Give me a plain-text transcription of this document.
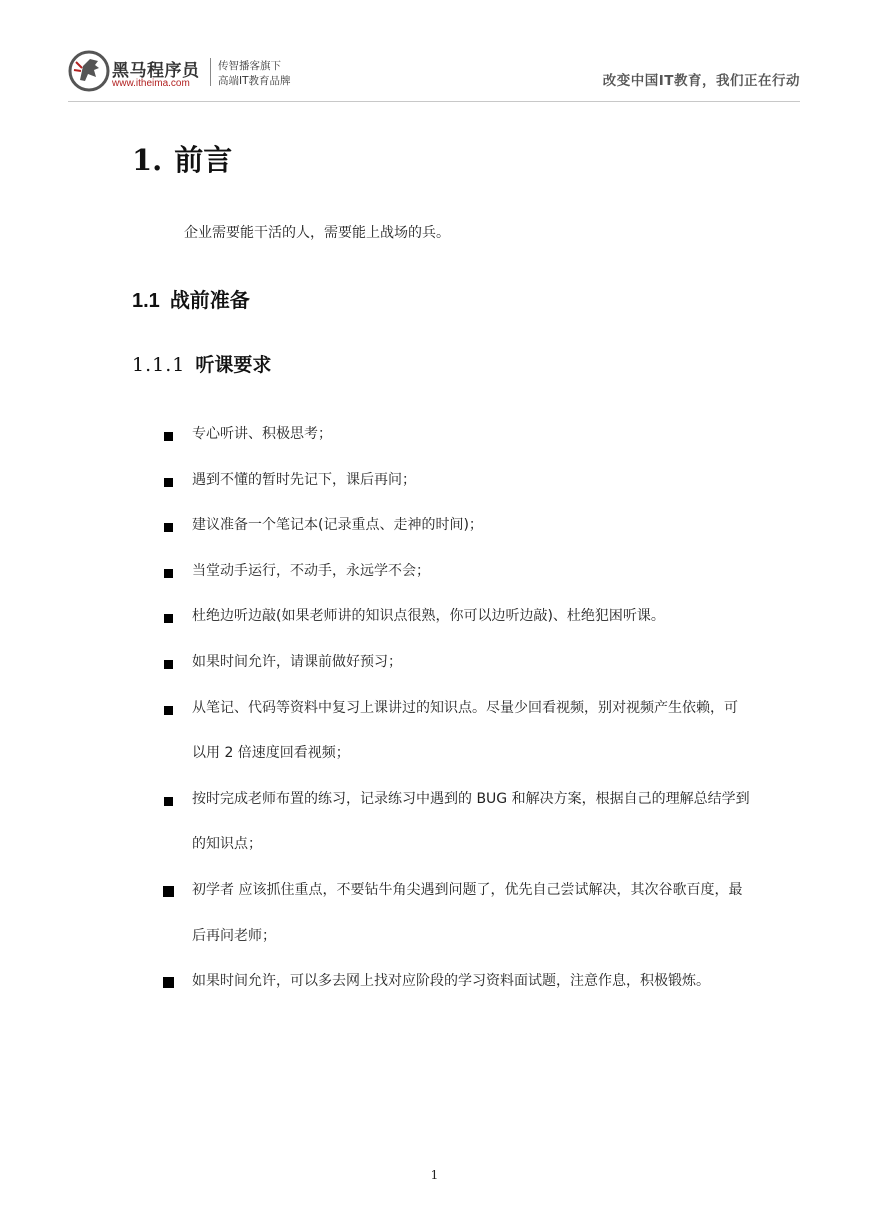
黑马程序员
www.itheima.com
传智播客旗下
高端IT教育品牌	改变中国IT教育，我们正在行动
1. 前言
企业需要能干活的人，需要能上战场的兵。
1.1 战前准备
1.1.1 听课要求
专心听讲、积极思考；
遇到不懂的暂时先记下，课后再问；
建议准备一个笔记本(记录重点、走神的时间)；
当堂动手运行，不动手，永远学不会；
杜绝边听边敲(如果老师讲的知识点很熟，你可以边听边敲)、杜绝犯困听课。
如果时间允许，请课前做好预习；
从笔记、代码等资料中复习上课讲过的知识点。尽量少回看视频，别对视频产生依赖，可以用 2 倍速度回看视频；
按时完成老师布置的练习，记录练习中遇到的 BUG 和解决方案，根据自己的理解总结学到的知识点；
初学者 应该抓住重点，不要钻牛角尖遇到问题了，优先自己尝试解决，其次谷歌百度，最后再问老师；
如果时间允许，可以多去网上找对应阶段的学习资料面试题，注意作息，积极锻炼。
1
